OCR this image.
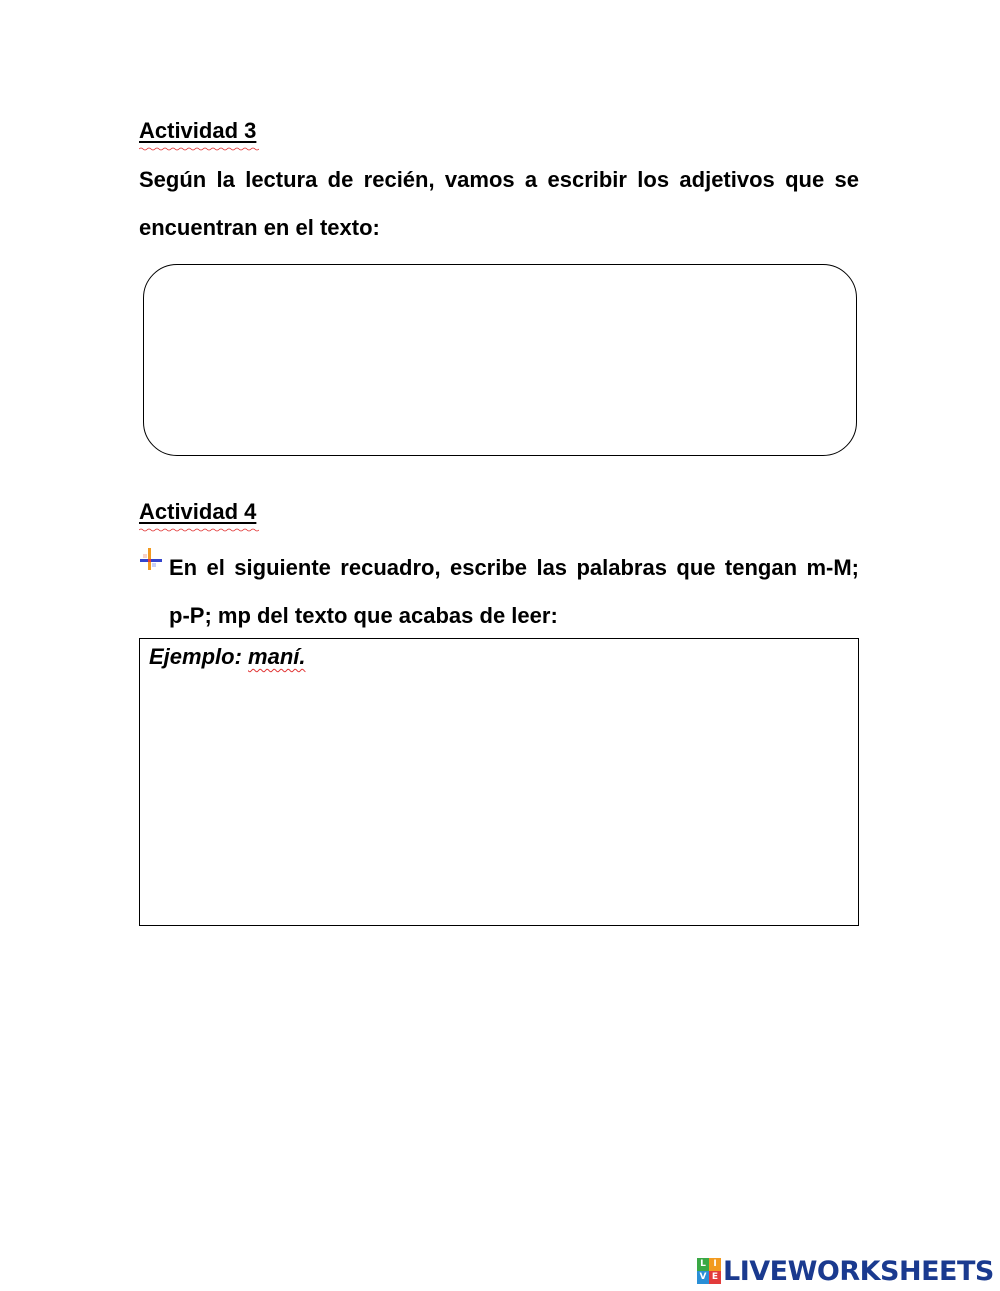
Actividad 3
Según la lectura de recién, vamos a escribir los adjetivos que se
encuentran en el texto:
Actividad 4
En el siguiente recuadro, escribe las palabras que tengan m-M;
p-P; mp del texto que acabas de leer:
Ejemplo: maní.
L I
V E LIVEWORKSHEETS
